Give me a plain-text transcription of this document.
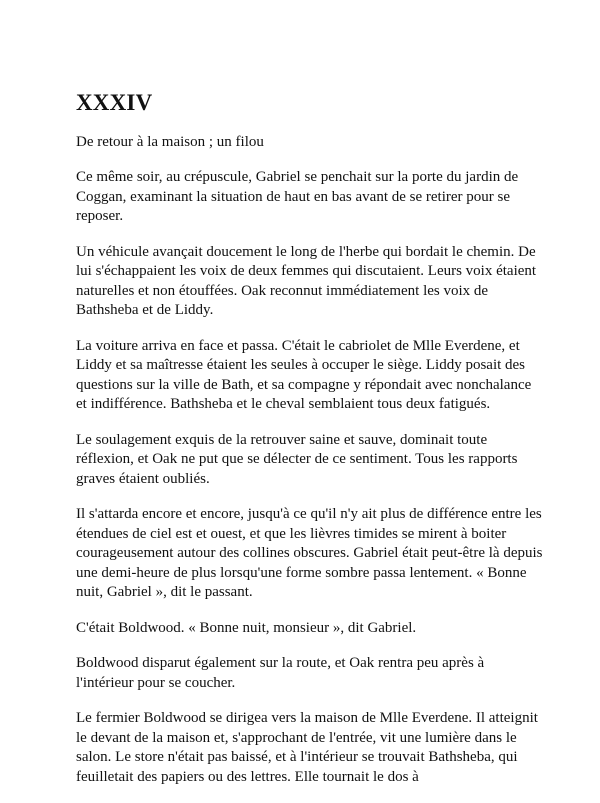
XXXIV

De retour à la maison ; un filou

Ce même soir, au crépuscule, Gabriel se penchait sur la porte du jardin de Coggan, examinant la situation de haut en bas avant de se retirer pour se reposer.

Un véhicule avançait doucement le long de l'herbe qui bordait le chemin. De lui s'échappaient les voix de deux femmes qui discutaient. Leurs voix étaient naturelles et non étouffées. Oak reconnut immédiatement les voix de Bathsheba et de Liddy.

La voiture arriva en face et passa. C'était le cabriolet de Mlle Everdene, et Liddy et sa maîtresse étaient les seules à occuper le siège. Liddy posait des questions sur la ville de Bath, et sa compagne y répondait avec nonchalance et indifférence. Bathsheba et le cheval semblaient tous deux fatigués.

Le soulagement exquis de la retrouver saine et sauve, dominait toute réflexion, et Oak ne put que se délecter de ce sentiment. Tous les rapports graves étaient oubliés.

Il s'attarda encore et encore, jusqu'à ce qu'il n'y ait plus de différence entre les étendues de ciel est et ouest, et que les lièvres timides se mirent à boiter courageusement autour des collines obscures. Gabriel était peut-être là depuis une demi-heure de plus lorsqu'une forme sombre passa lentement. « Bonne nuit, Gabriel », dit le passant.

C'était Boldwood. « Bonne nuit, monsieur », dit Gabriel.

Boldwood disparut également sur la route, et Oak rentra peu après à l'intérieur pour se coucher.

Le fermier Boldwood se dirigea vers la maison de Mlle Everdene. Il atteignit le devant de la maison et, s'approchant de l'entrée, vit une lumière dans le salon. Le store n'était pas baissé, et à l'intérieur se trouvait Bathsheba, qui feuilletait des papiers ou des lettres. Elle tournait le dos à
